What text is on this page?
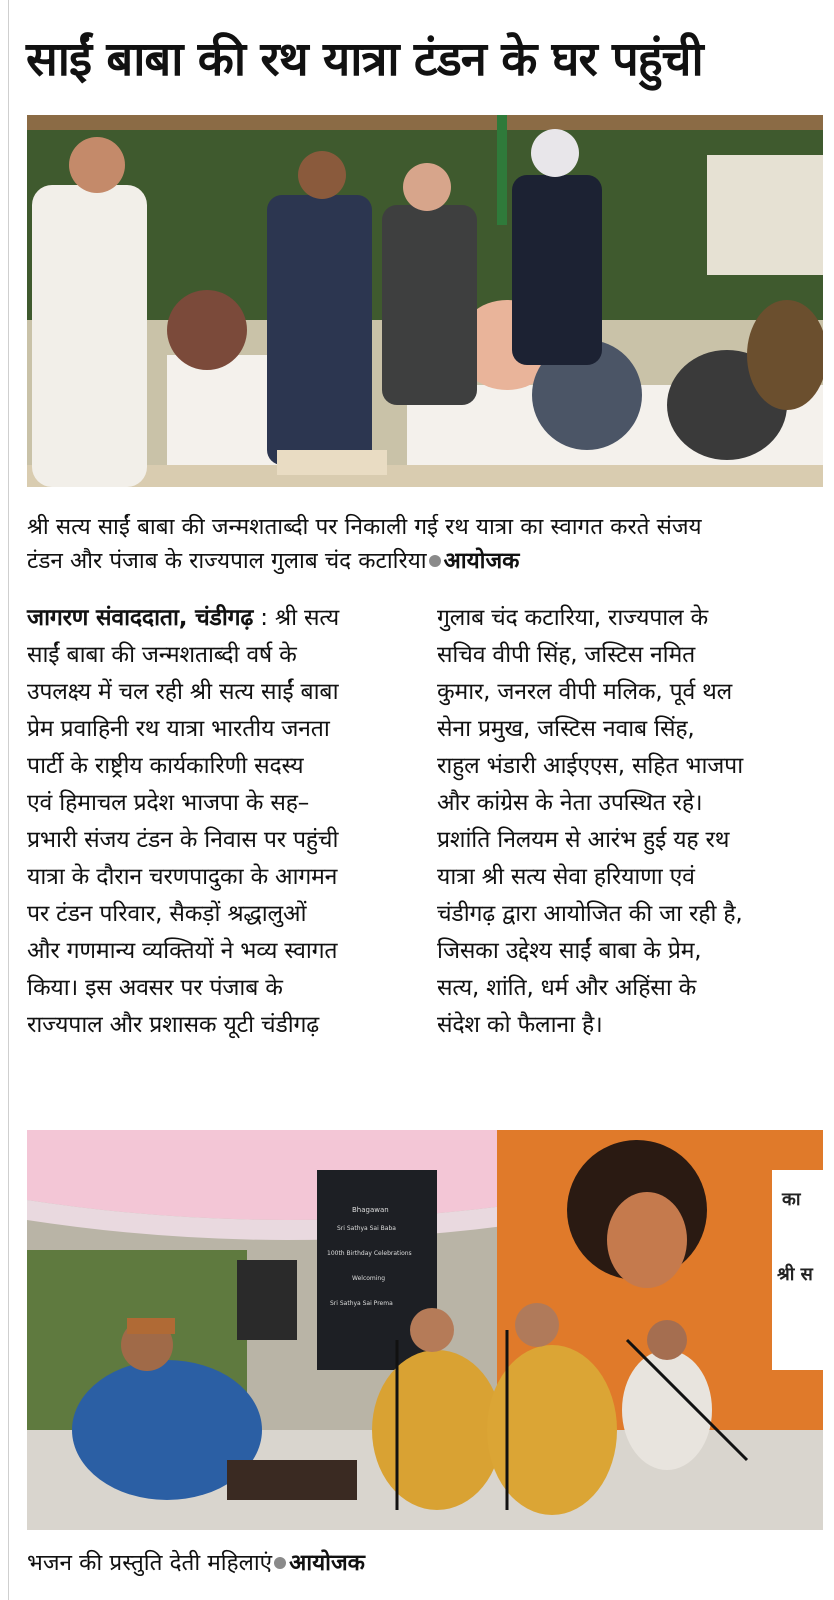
साईं बाबा की रथ यात्रा टंडन के घर पहुंची
श्री सत्य साईं बाबा की जन्मशताब्दी पर निकाली गई रथ यात्रा का स्वागत करते संजय
टंडन और पंजाब के राज्यपाल गुलाब चंद कटारिया आयोजक
जागरण संवाददाता, चंडीगढ़ : श्री सत्य
साईं बाबा की जन्मशताब्दी वर्ष के
उपलक्ष्य में चल रही श्री सत्य साईं बाबा
प्रेम प्रवाहिनी रथ यात्रा भारतीय जनता
पार्टी के राष्ट्रीय कार्यकारिणी सदस्य
एवं हिमाचल प्रदेश भाजपा के सह–
प्रभारी संजय टंडन के निवास पर पहुंची
यात्रा के दौरान चरणपादुका के आगमन
पर टंडन परिवार, सैकड़ों श्रद्धालुओं
और गणमान्य व्यक्तियों ने भव्य स्वागत
किया। इस अवसर पर पंजाब के
राज्यपाल और प्रशासक यूटी चंडीगढ़
गुलाब चंद कटारिया, राज्यपाल के
सचिव वीपी सिंह, जस्टिस नमित
कुमार, जनरल वीपी मलिक, पूर्व थल
सेना प्रमुख, जस्टिस नवाब सिंह,
राहुल भंडारी आईएएस, सहित भाजपा
और कांग्रेस के नेता उपस्थित रहे।
प्रशांति निलयम से आरंभ हुई यह रथ
यात्रा श्री सत्य सेवा हरियाणा एवं
चंडीगढ़ द्वारा आयोजित की जा रही है,
जिसका उद्देश्य साईं बाबा के प्रेम,
सत्य, शांति, धर्म और अहिंसा के
संदेश को फैलाना है।
का
श्री स
Bhagawan
Sri Sathya Sai Baba
100th Birthday Celebrations
Welcoming
Sri Sathya Sai Prema
भजन की प्रस्तुति देती महिलाएं आयोजक
